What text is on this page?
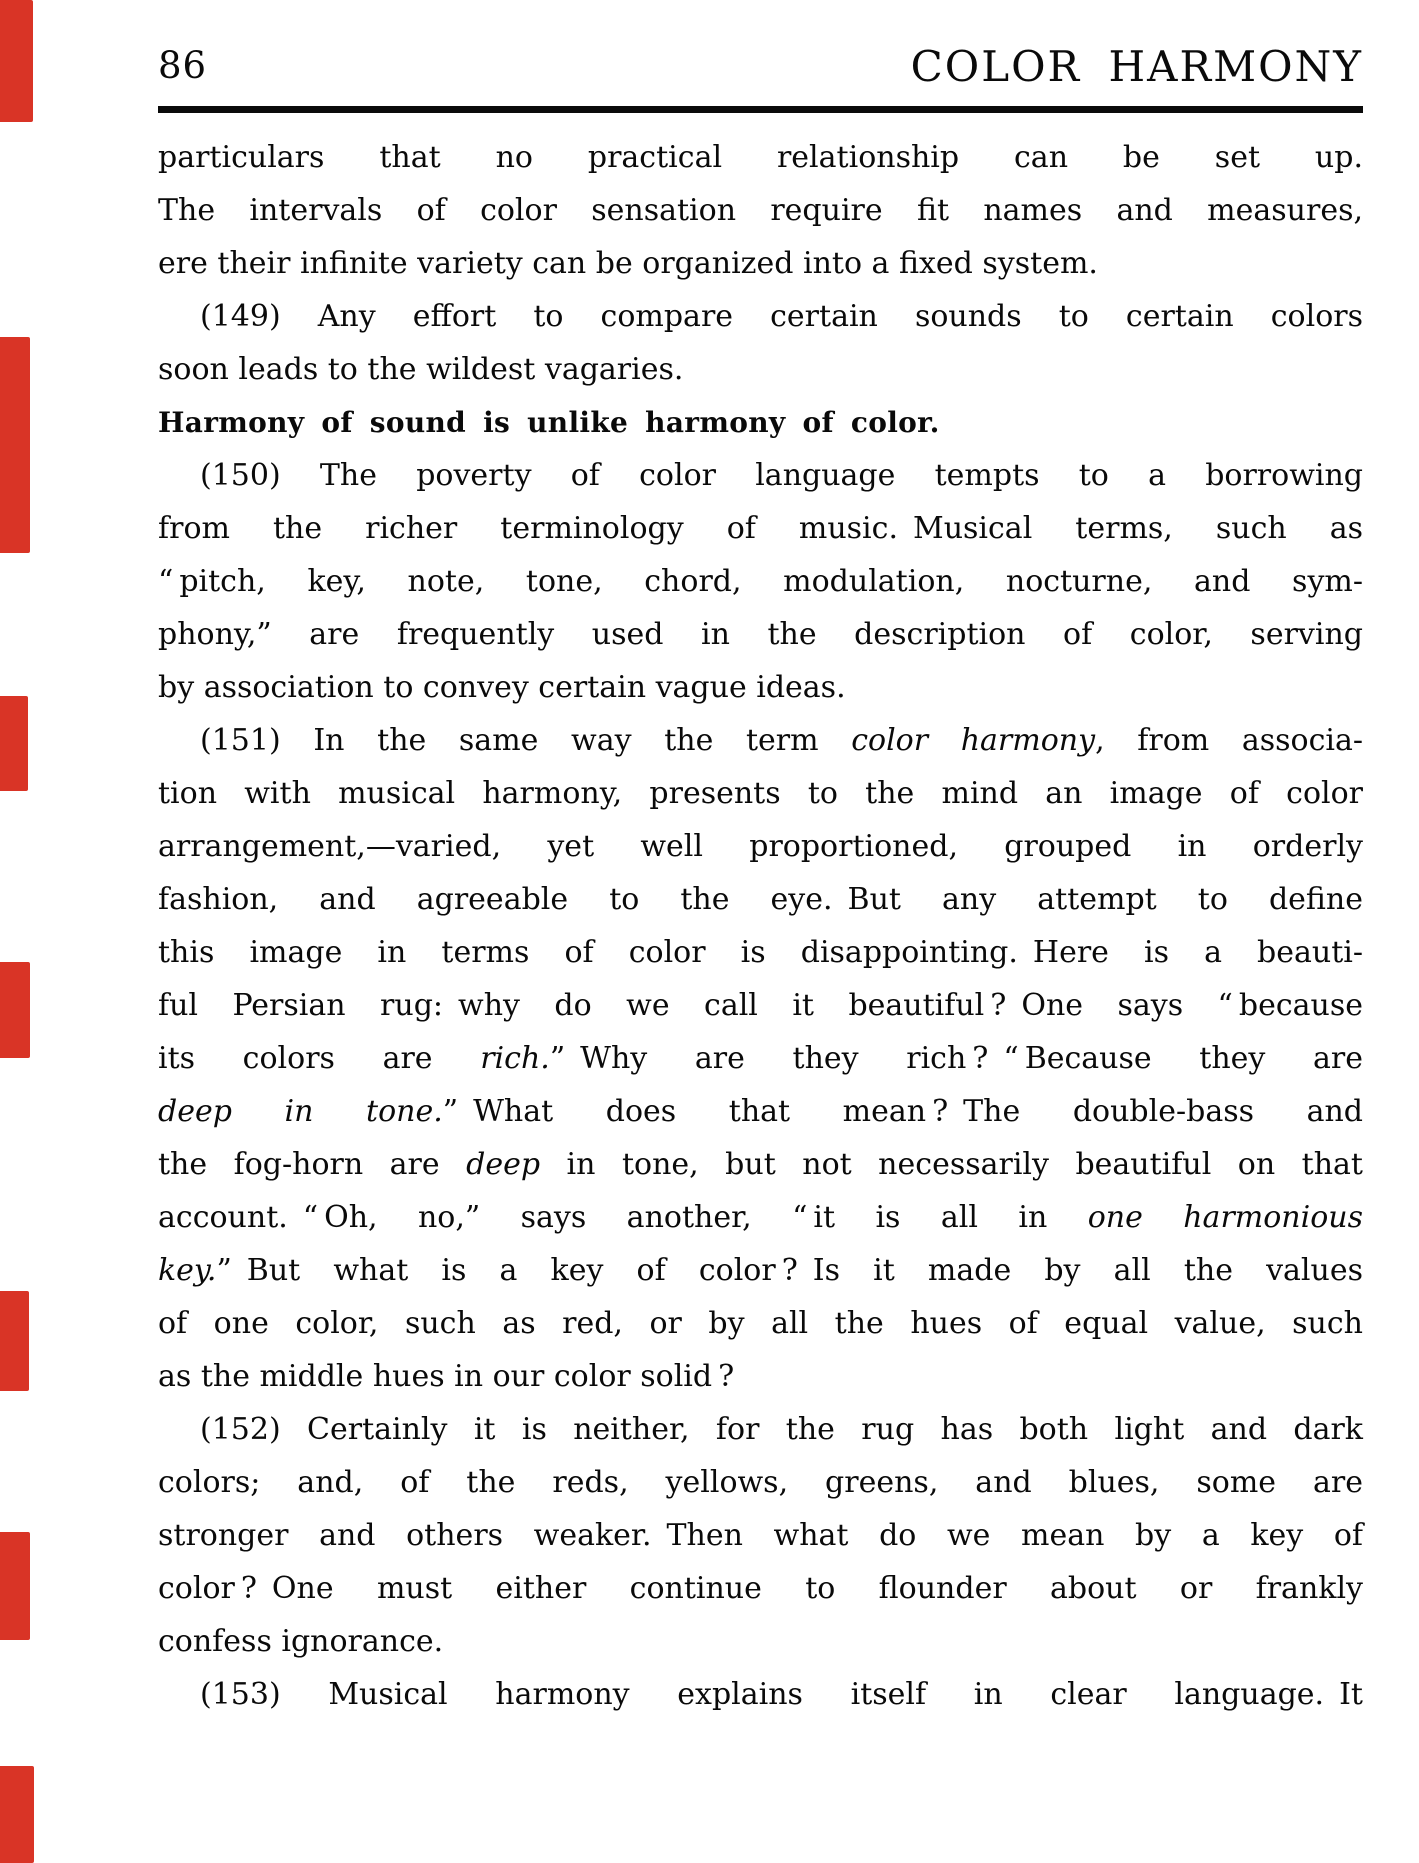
86	COLOR HARMONY

particulars that no practical relationship can be set up.

The intervals of color sensation require fit names and measures,

ere their infinite variety can be organized into a fixed system.

(149) Any effort to compare certain sounds to certain colors

soon leads to the wildest vagaries.

Harmony of sound is unlike harmony of color.

(150) The poverty of color language tempts to a borrowing

from the richer terminology of music. Musical terms, such as

“ pitch, key, note, tone, chord, modulation, nocturne, and sym-

phony,” are frequently used in the description of color, serving

by association to convey certain vague ideas.

(151) In the same way the term color harmony, from associa-

tion with musical harmony, presents to the mind an image of color

arrangement,—varied, yet well proportioned, grouped in orderly

fashion, and agreeable to the eye. But any attempt to define

this image in terms of color is disappointing. Here is a beauti-

ful Persian rug: why do we call it beautiful ? One says “ because

its colors are rich.” Why are they rich ? “ Because they are

deep in tone.” What does that mean ? The double-bass and

the fog-horn are deep in tone, but not necessarily beautiful on that

account. “ Oh, no,” says another, “ it is all in one harmonious

key.” But what is a key of color ? Is it made by all the values

of one color, such as red, or by all the hues of equal value, such

as the middle hues in our color solid ?

(152) Certainly it is neither, for the rug has both light and dark

colors; and, of the reds, yellows, greens, and blues, some are

stronger and others weaker. Then what do we mean by a key of

color ? One must either continue to flounder about or frankly

confess ignorance.

(153) Musical harmony explains itself in clear language. It
